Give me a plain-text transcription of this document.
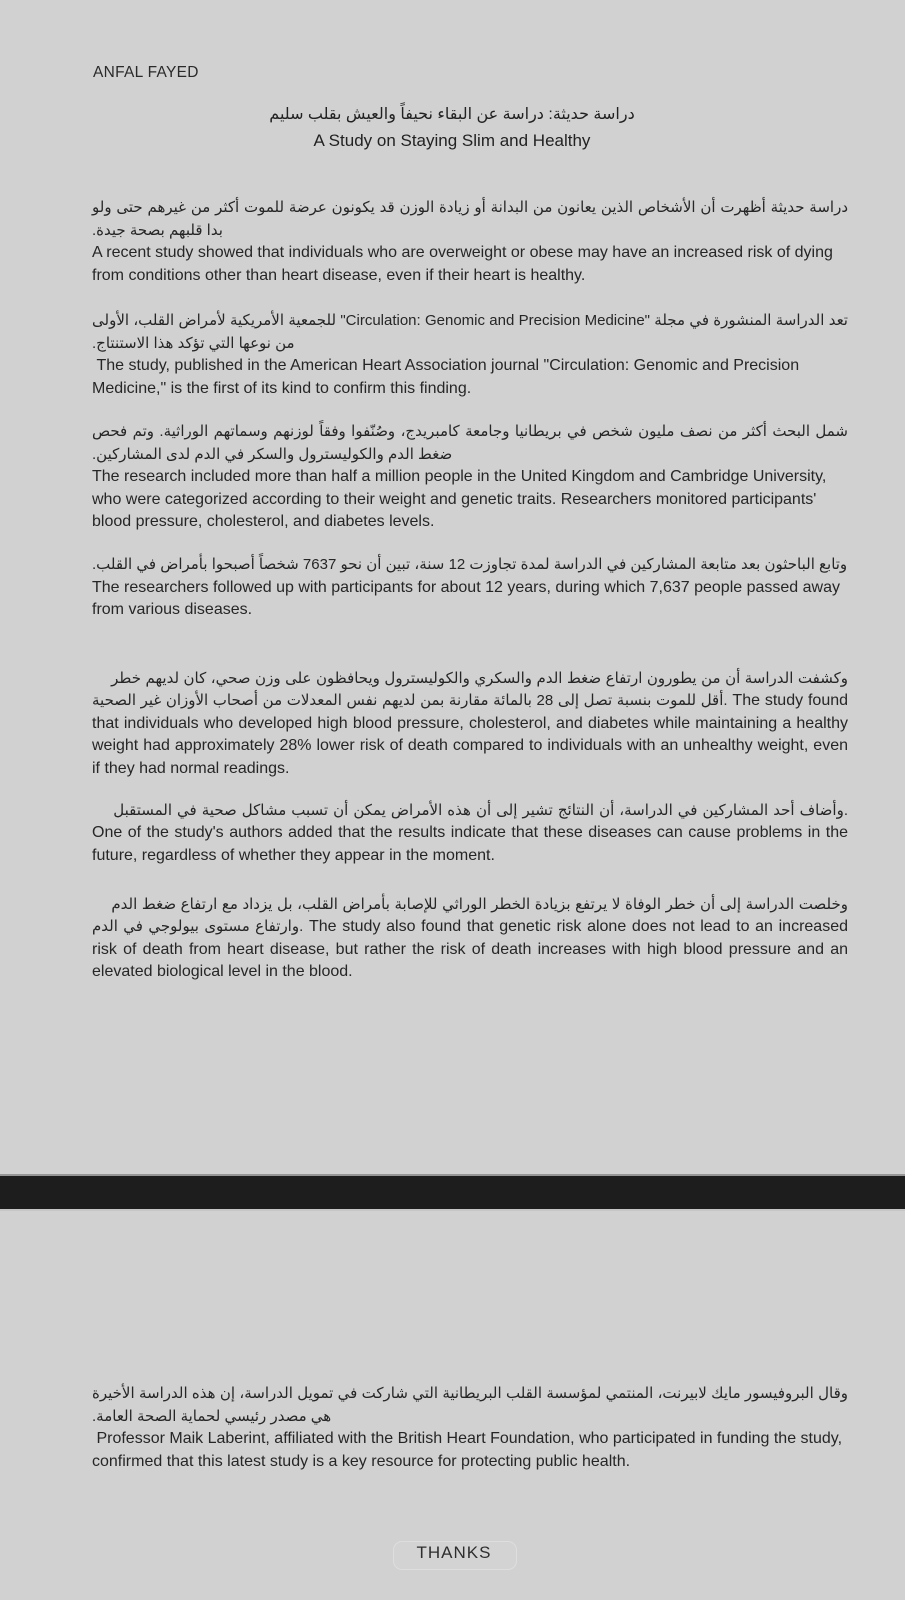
ANFAL FAYED
دراسة حديثة: دراسة عن البقاء نحيفاً والعيش بقلب سليم
A Study on Staying Slim and Healthy
دراسة حديثة أظهرت أن الأشخاص الذين يعانون من البدانة أو زيادة الوزن قد يكونون عرضة للموت أكثر من غيرهم حتى ولو بدا قلبهم بصحة جيدة.
A recent study showed that individuals who are overweight or obese may have an increased risk of dying from conditions other than heart disease, even if their heart is healthy.
تعد الدراسة المنشورة في مجلة "Circulation: Genomic and Precision Medicine" للجمعية الأمريكية لأمراض القلب، الأولى من نوعها التي تؤكد هذا الاستنتاج.
The study, published in the American Heart Association journal "Circulation: Genomic and Precision Medicine," is the first of its kind to confirm this finding.
شمل البحث أكثر من نصف مليون شخص في بريطانيا وجامعة كامبريدج، وصُنّفوا وفقاً لوزنهم وسماتهم الوراثية. وتم فحص ضغط الدم والكوليسترول والسكر في الدم لدى المشاركين.
The research included more than half a million people in the United Kingdom and Cambridge University, who were categorized according to their weight and genetic traits. Researchers monitored participants' blood pressure, cholesterol, and diabetes levels.
وتابع الباحثون بعد متابعة المشاركين في الدراسة لمدة تجاوزت 12 سنة، تبين أن نحو 7637 شخصاً أصبحوا بأمراض في القلب.
The researchers followed up with participants for about 12 years, during which 7,637 people passed away from various diseases.

وكشفت الدراسة أن من يطورون ارتفاع ضغط الدم والسكري والكوليسترول ويحافظون على وزن صحي، كان لديهم خطر أقل للموت بنسبة تصل إلى 28 بالمائة مقارنة بمن لديهم نفس المعدلات من أصحاب الأوزان غير الصحية. The study found that individuals who developed high blood pressure, cholesterol, and diabetes while maintaining a healthy weight had approximately 28% lower risk of death compared to individuals with an unhealthy weight, even if they had normal readings.

وأضاف أحد المشاركين في الدراسة، أن النتائج تشير إلى أن هذه الأمراض يمكن أن تسبب مشاكل صحية في المستقبل. One of the study's authors added that the results indicate that these diseases can cause problems in the future, regardless of whether they appear in the moment.

وخلصت الدراسة إلى أن خطر الوفاة لا يرتفع بزيادة الخطر الوراثي للإصابة بأمراض القلب، بل يزداد مع ارتفاع ضغط الدم وارتفاع مستوى بيولوجي في الدم. The study also found that genetic risk alone does not lead to an increased risk of death from heart disease, but rather the risk of death increases with high blood pressure and an elevated biological level in the blood.

وقال البروفيسور مايك لابيرنت، المنتمي لمؤسسة القلب البريطانية التي شاركت في تمويل الدراسة، إن هذه الدراسة الأخيرة هي مصدر رئيسي لحماية الصحة العامة.
Professor Maik Laberint, affiliated with the British Heart Foundation, who participated in funding the study, confirmed that this latest study is a key resource for protecting public health.
THANKS
